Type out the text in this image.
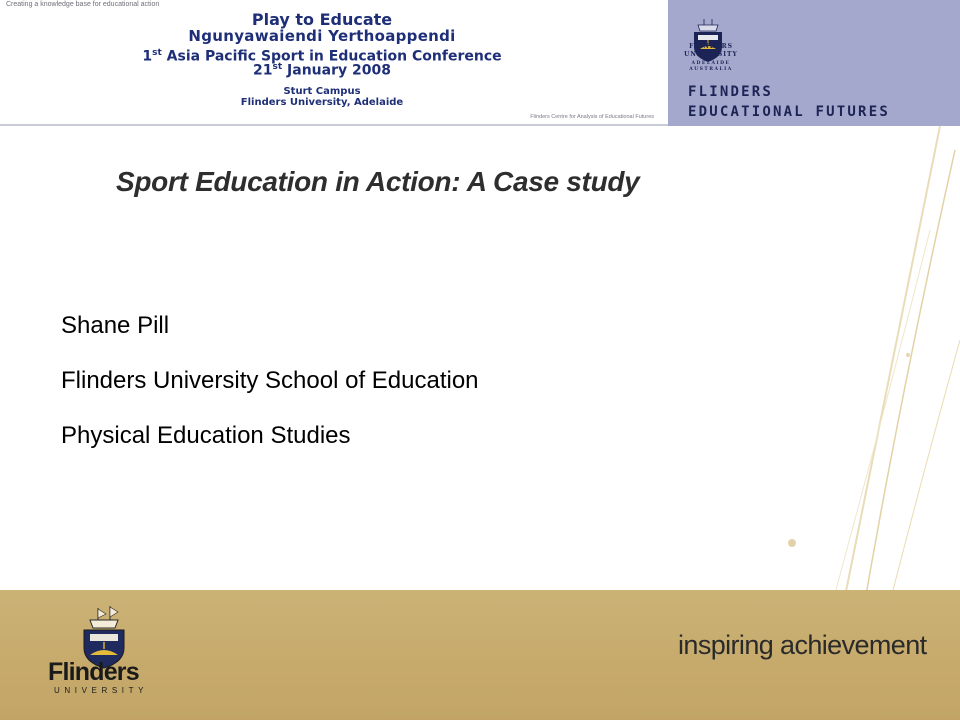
Creating a knowledge base for educational action
Play to Educate
Ngunyawaiendi Yerthoappendi
1st Asia Pacific Sport in Education Conference
21st January 2008
Sturt Campus
Flinders University, Adelaide
Flinders Centre for Analysis of Educational Futures
FLINDERS
UNIVERSITY
ADELAIDE
AUSTRALIA
FLINDERS
EDUCATIONAL FUTURES
Sport Education in Action: A Case study
Shane Pill
Flinders University School of Education
Physical Education Studies
Flinders
UNIVERSITY
inspiring achievement
